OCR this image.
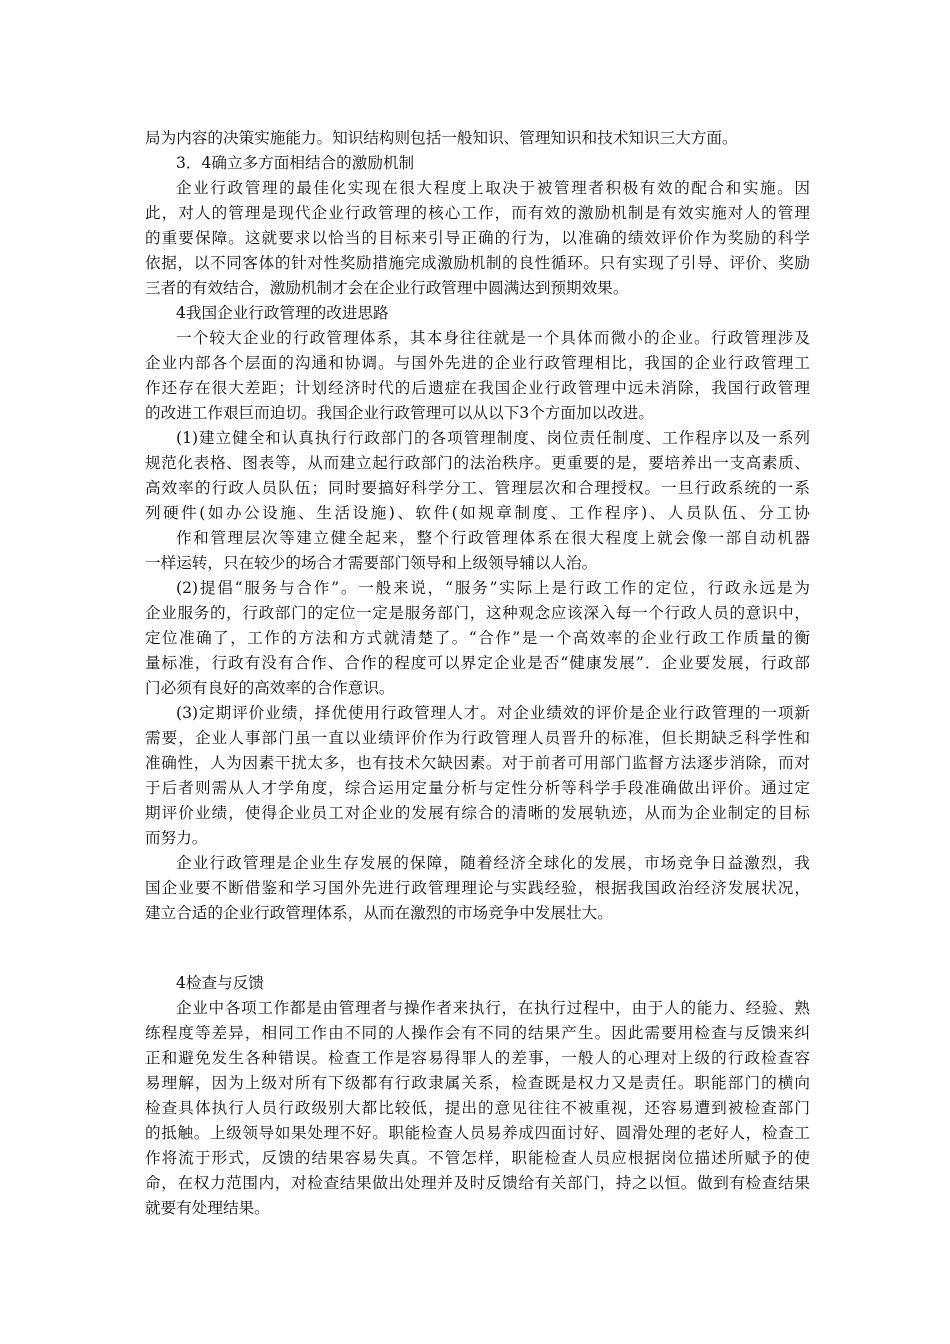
局为内容的决策实施能力。知识结构则包括一般知识、管理知识和技术知识三大方面。
3．4确立多方面相结合的激励机制
企业行政管理的最佳化实现在很大程度上取决于被管理者积极有效的配合和实施。因
此，对人的管理是现代企业行政管理的核心工作，而有效的激励机制是有效实施对人的管理
的重要保障。这就要求以恰当的目标来引导正确的行为，以准确的绩效评价作为奖励的科学
依据，以不同客体的针对性奖励措施完成激励机制的良性循环。只有实现了引导、评价、奖励
三者的有效结合，激励机制才会在企业行政管理中圆满达到预期效果。
4我国企业行政管理的改进思路
一个较大企业的行政管理体系，其本身往往就是一个具体而微小的企业。行政管理涉及
企业内部各个层面的沟通和协调。与国外先进的企业行政管理相比，我国的企业行政管理工
作还存在很大差距；计划经济时代的后遗症在我国企业行政管理中远未消除，我国行政管理
的改进工作艰巨而迫切。我国企业行政管理可以从以下3个方面加以改进。
(1)建立健全和认真执行行政部门的各项管理制度、岗位责任制度、工作程序以及一系列
规范化表格、图表等，从而建立起行政部门的法治秩序。更重要的是，要培养出一支高素质、
高效率的行政人员队伍；同时要搞好科学分工、管理层次和合理授权。一旦行政系统的一系
列硬件(如办公设施、生活设施)、软件(如规章制度、工作程序)、人员队伍、分工协
作和管理层次等建立健全起来，整个行政管理体系在很大程度上就会像一部自动机器
一样运转，只在较少的场合才需要部门领导和上级领导辅以人治。
(2)提倡“服务与合作”。一般来说，“服务”实际上是行政工作的定位，行政永远是为
企业服务的，行政部门的定位一定是服务部门，这种观念应该深入每一个行政人员的意识中，
定位准确了，工作的方法和方式就清楚了。“合作”是一个高效率的企业行政工作质量的衡
量标准，行政有没有合作、合作的程度可以界定企业是否“健康发展”．企业要发展，行政部
门必须有良好的高效率的合作意识。
(3)定期评价业绩，择优使用行政管理人才。对企业绩效的评价是企业行政管理的一项新
需要，企业人事部门虽一直以业绩评价作为行政管理人员晋升的标准，但长期缺乏科学性和
准确性，人为因素干扰太多，也有技术欠缺因素。对于前者可用部门监督方法逐步消除，而对
于后者则需从人才学角度，综合运用定量分析与定性分析等科学手段准确做出评价。通过定
期评价业绩，使得企业员工对企业的发展有综合的清晰的发展轨迹，从而为企业制定的目标
而努力。
企业行政管理是企业生存发展的保障，随着经济全球化的发展，市场竞争日益激烈，我
国企业要不断借鉴和学习国外先进行政管理理论与实践经验，根据我国政治经济发展状况，
建立合适的企业行政管理体系，从而在激烈的市场竞争中发展壮大。
4检查与反馈
企业中各项工作都是由管理者与操作者来执行，在执行过程中，由于人的能力、经验、熟
练程度等差异，相同工作由不同的人操作会有不同的结果产生。因此需要用检查与反馈来纠
正和避免发生各种错误。检查工作是容易得罪人的差事，一般人的心理对上级的行政检查容
易理解，因为上级对所有下级都有行政隶属关系，检查既是权力又是责任。职能部门的横向
检查具体执行人员行政级别大都比较低，提出的意见往往不被重视，还容易遭到被检查部门
的抵触。上级领导如果处理不好。职能检查人员易养成四面讨好、圆滑处理的老好人，检查工
作将流于形式，反馈的结果容易失真。不管怎样，职能检查人员应根据岗位描述所赋予的使
命，在权力范围内，对检查结果做出处理并及时反馈给有关部门，持之以恒。做到有检查结果
就要有处理结果。
